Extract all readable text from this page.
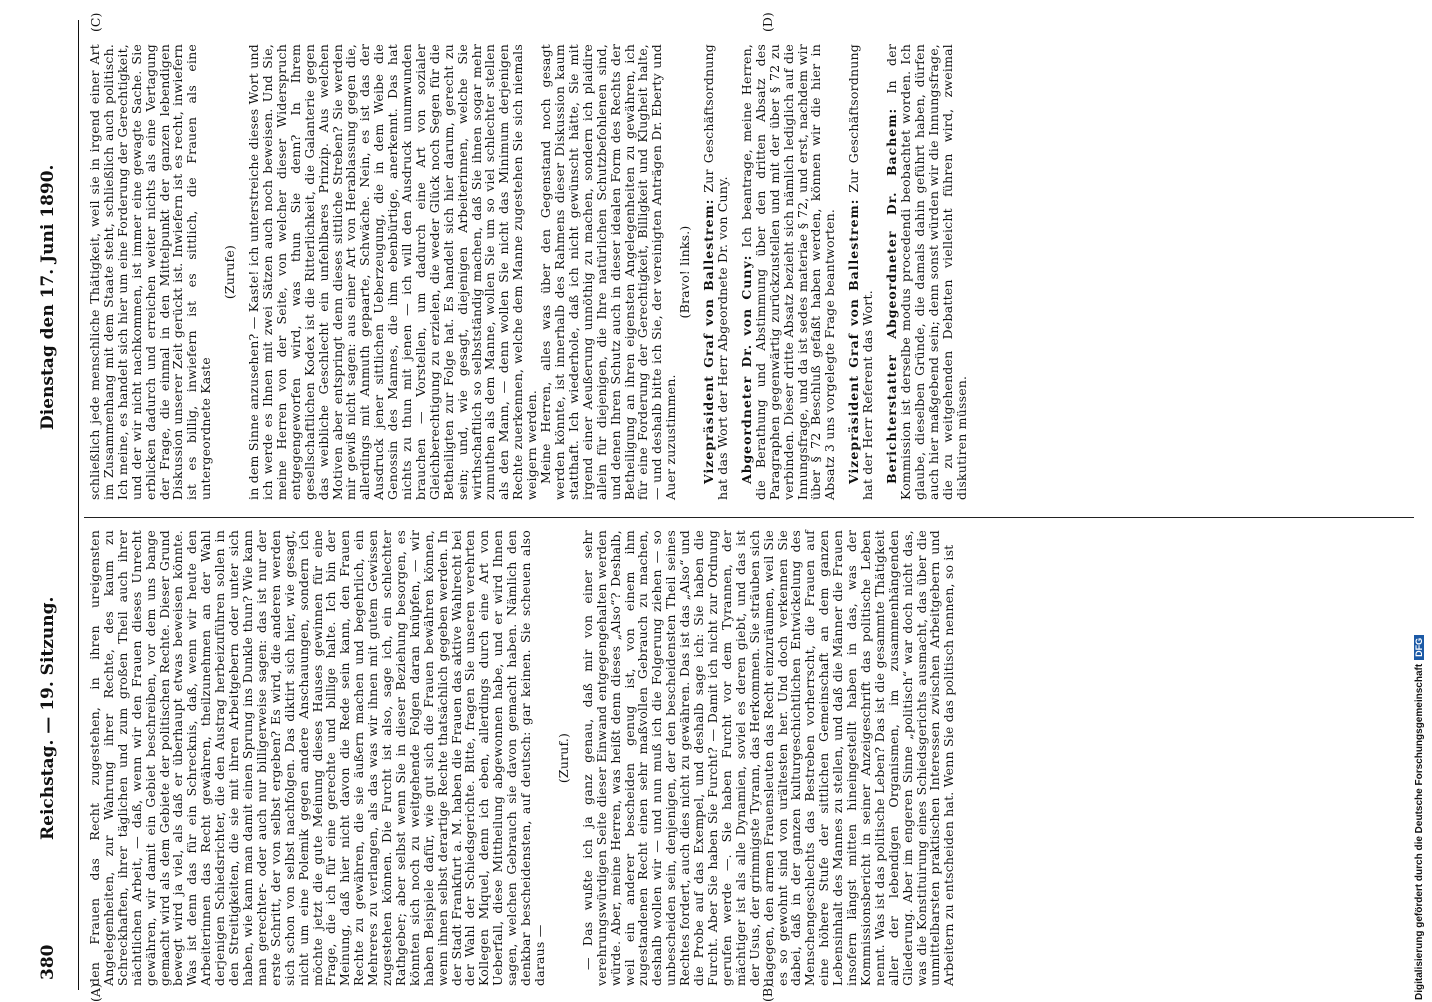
380
Reichstag. — 19. Sitzung.
Dienstag den 17. Juni 1890.
(A)	(B)
(C)	(D)

den Frauen das Recht zugestehen, in ihren ureigensten Angelegenheiten, zur Wahrung ihrer Rechte, des kaum zu Schreckhaften, ihrer täglichen und zum großen Theil auch ihrer nächtlichen Arbeit, — daß, wenn wir den Frauen dieses Unrecht gewähren, wir damit ein Gebiet beschreiben, vor dem uns bange gemacht wird als dem Gebiete der politischen Rechte. Dieser Grund bewegt wird ja viel, als daß er überhaupt etwas beweisen könnte. Was ist denn das für ein Schrecknis, daß, wenn wir heute den Arbeiterinnen das Recht gewähren, theilzunehmen an der Wahl derjenigen Schiedsrichter, die den Austrag herbeizuführen sollen in den Streitigkeiten, die sie mit ihren Arbeitgebern oder unter sich haben, wie kann man damit einen Sprung ins Dunkle thun? Wie kann man gerechter- oder auch nur billigerweise sagen: das ist nur der erste Schritt, der von selbst ergeben? Es wird, die anderen werden sich schon von selbst nachfolgen. Das diktirt sich hier, wie gesagt, nicht um eine Polemik gegen andere Anschauungen, sondern ich möchte jetzt die gute Meinung dieses Hauses gewinnen für eine Frage, die ich für eine gerechte und billige halte. Ich bin der Meinung, daß hier nicht davon die Rede sein kann, den Frauen Rechte zu gewähren, die sie äußern machen und begehrlich, ein Mehreres zu verlangen, als das was wir ihnen mit gutem Gewissen zugestehen können. Die Furcht ist also, sage ich, ein schlechter Rathgeber; aber selbst wenn Sie in dieser Beziehung besorgen, es könnten sich noch zu weitgehende Folgen daran knüpfen, — wir haben Beispiele dafür, wie gut sich die Frauen bewähren können, wenn ihnen selbst derartige Rechte thatsächlich gegeben werden. In der Stadt Frankfurt a. M. haben die Frauen das aktive Wahlrecht bei der Wahl der Schiedsgerichte. Bitte, fragen Sie unseren verehrten Kollegen Miquel, denn ich eben, allerdings durch eine Art von Ueberfall, diese Mittheilung abgewonnen habe, und er wird Ihnen sagen, welchen Gebrauch sie davon gemacht haben. Nämlich den denkbar bescheidensten, auf deutsch: gar keinen. Sie scheuen also daraus —

(Zuruf.) — Das wußte ich ja ganz genau, daß mir von einer sehr verehrungswürdigen Seite dieser Einwand entgegengehalten werden würde. Aber, meine Herren, was heißt denn dieses „Also“? Deshalb, weil ein anderer bescheiden genug ist, von einem ihm zugestandenen Recht einen sehr maßvollen Gebrauch zu machen, deshalb wollen wir — und nun muß ich die Folgerung ziehen — so unbescheiden sein, denjenigen, der den bescheidensten Theil seines Rechtes fordert, auch dies nicht zu gewähren. Das ist das „Also“ und die Probe auf das Exempel, und deshalb sage ich: Sie haben die Furcht. Aber Sie haben Sie Furcht? — Damit ich nicht zur Ordnung gerufen werde —. Sie haben Furcht vor dem Tyrannen, der mächtiger ist als alle Dynamien, soviel es deren giebt, und das ist der Usus, der grimmigste Tyrann, das Herkommen. Sie sträuben sich dagegen, den armen Frauensleuten das Recht einzuräumen, weil Sie es so gewohnt sind von urältesten her. Und doch verkennen Sie dabei, daß in der ganzen kulturgeschichtlichen Entwickelung des Menschengeschlechts das Bestreben vorherrscht, die Frauen auf eine höhere Stufe der sittlichen Gemeinschaft an dem ganzen Lebensinhalt des Mannes zu stellen, und daß die Männer die Frauen insofern längst mitten hineingestellt haben in das, was der Kommissionsbericht in seiner Anzeigeschrift das politische Leben nennt. Was ist das politische Leben? Das ist die gesammte Thätigkeit aller der lebendigen Organismen, im zusammenhängenden Gliederung. Aber im engeren Sinne „politisch“ war doch nicht das, was die Konstituirung eines Schiedsgerichts ausmacht, das über die unmittelbarsten praktischen Interessen zwischen Arbeitgebern und Arbeitern zu entscheiden hat. Wenn Sie das politisch nennen, so ist

schließlich jede menschliche Thätigkeit, weil sie in irgend einer Art im Zusammenhang mit dem Staate steht, schließlich auch politisch. Ich meine, es handelt sich hier um eine Forderung der Gerechtigkeit, und der wir nicht nachkommen, ist immer eine gewagte Sache. Sie erblicken dadurch und erreichen weiter nichts als eine Vertagung der Frage, die einmal in den Mittelpunkt der ganzen lebendigen Diskussion unserer Zeit gerückt ist. Inwiefern ist es recht, inwiefern ist es billig, inwiefern ist es sittlich, die Frauen als eine untergeordnete Kaste

(Zurufe) in dem Sinne anzusehen? — Kaste! ich unterstreiche dieses Wort und ich werde es Ihnen mit zwei Sätzen auch noch beweisen. Und Sie, meine Herren von der Seite, von welcher dieser Widerspruch entgegengeworfen wird, was thun Sie denn? In Ihrem gesellschaftlichen Kodex ist die Ritterlichkeit, die Galanterie gegen das weibliche Geschlecht ein unfehlbares Prinzip. Aus welchen Motiven aber entspringt denn dieses sittliche Streben? Sie werden mir gewiß nicht sagen: aus einer Art von Herablassung gegen die, allerdings mit Anmuth gepaarte, Schwäche. Nein, es ist das der Ausdruck jener sittlichen Ueberzeugung, die in dem Weibe die Genossin des Mannes, die ihm ebenbürtige, anerkennt. Das hat nichts zu thun mit jenen — ich will den Ausdruck unumwunden brauchen — Vorstellen, um dadurch eine Art von sozialer Gleichberechtigung zu erzielen, die weder Glück noch Segen für die Betheiligten zur Folge hat. Es handelt sich hier darum, gerecht zu sein; und, wie gesagt, diejenigen Arbeiterinnen, welche Sie wirthschaftlich so selbstständig machen, daß Sie ihnen sogar mehr zumuthen als dem Manne, wollen Sie um so viel schlechter stellen als den Mann, — denn wollen Sie nicht das Minimum derjenigen Rechte zuerkennen, welche dem Manne zugestehen Sie sich niemals weigern werden.

Meine Herren, alles was über den Gegenstand noch gesagt werden könnte, ist innerhalb des Rahmens dieser Diskussion kaum statthaft. Ich wiederhole, daß ich nicht gewünscht hätte, Sie mit irgend einer Aeußerung unnöthig zu machen, sondern ich plaidire allein für diejenigen, die Ihre natürlichen Schutzbefohlenen sind, und denen Ihren Schutz auch in dieser idealen Form des Rechts der Betheiligung an ihren eigensten Angelegenheiten zu gewähren, ich für eine Forderung der Gerechtigkeit, Billigkeit und Klugheit halte, — und deshalb bitte ich Sie, der vereinigten Anträgen Dr. Eberty und Auer zuzustimmen.

(Bravo! links.) Vizepräsident Graf von Ballestrem: Zur Geschäftsordnung hat das Wort der Herr Abgeordnete Dr. von Cuny. Abgeordneter Dr. von Cuny: Ich beantrage, meine Herren, die Berathung und Abstimmung über den dritten Absatz des Paragraphen gegenwärtig zurückzustellen und mit der über § 72 zu verbinden. Dieser dritte Absatz bezieht sich nämlich lediglich auf die Innungsfrage, und da ist sedes materiae § 72, und erst, nachdem wir über § 72 Beschluß gefaßt haben werden, können wir die hier in Absatz 3 uns vorgelegte Frage beantworten. Vizepräsident Graf von Ballestrem: Zur Geschäftsordnung hat der Herr Referent das Wort. Berichterstatter Abgeordneter Dr. Bachem: In der Kommission ist derselbe modus procedendi beobachtet worden. Ich glaube, dieselben Gründe, die damals dahin geführt haben, dürfen auch hier maßgebend sein; denn sonst würden wir die Innungsfrage, die zu weitgehenden Debatten vielleicht führen wird, zweimal diskutiren müssen.

Digitalisierung gefördert durch die Deutsche ForschungsgemeinschaftDFG
